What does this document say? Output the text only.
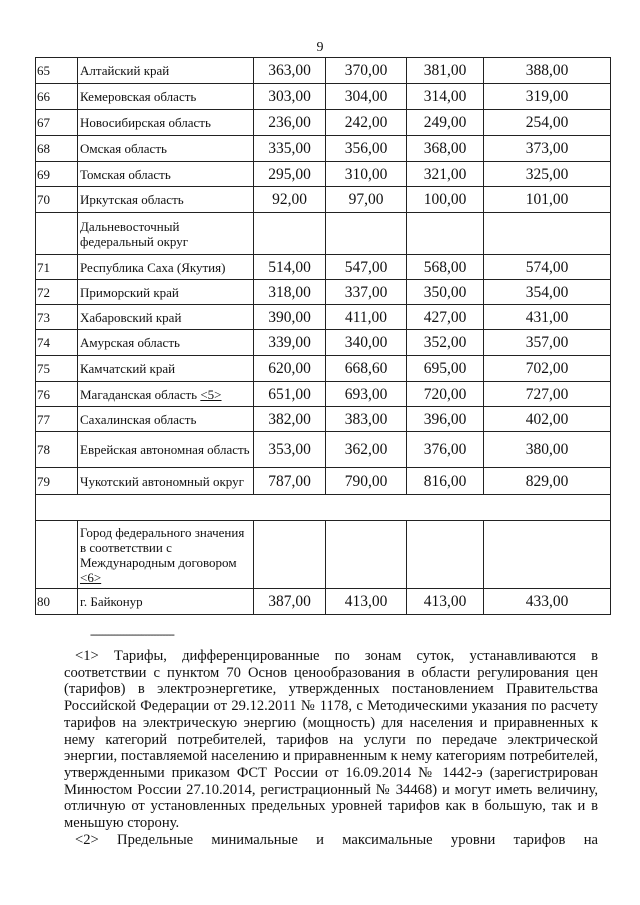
9
65	Алтайский край	363,00	370,00	381,00	388,00
66	Кемеровская область	303,00	304,00	314,00	319,00
67	Новосибирская область	236,00	242,00	249,00	254,00
68	Омская область	335,00	356,00	368,00	373,00
69	Томская область	295,00	310,00	321,00	325,00
70	Иркутская область	92,00	97,00	100,00	101,00
	Дальневосточный федеральный округ				
71	Республика Саха (Якутия)	514,00	547,00	568,00	574,00
72	Приморский край	318,00	337,00	350,00	354,00
73	Хабаровский край	390,00	411,00	427,00	431,00
74	Амурская область	339,00	340,00	352,00	357,00
75	Камчатский край	620,00	668,60	695,00	702,00
76	Магаданская область <5>	651,00	693,00	720,00	727,00
77	Сахалинская область	382,00	383,00	396,00	402,00
78	Еврейская автономная область	353,00	362,00	376,00	380,00
79	Чукотский автономный округ	787,00	790,00	816,00	829,00

	Город федерального значения в соответствии с Международным договором <6>				
80	г. Байконур	387,00	413,00	413,00	433,00
----------------------------

<1> Тарифы, дифференцированные по зонам суток, устанавливаются в соответствии с пунктом 70 Основ ценообразования в области регулирования цен (тарифов) в электроэнергетике, утвержденных постановлением Правительства Российской Федерации от 29.12.2011 № 1178, с Методическими указания по расчету тарифов на электрическую энергию (мощность) для населения и приравненных к нему категорий потребителей, тарифов на услуги по передаче электрической энергии, поставляемой населению и приравненным к нему категориям потребителей, утвержденными приказом ФСТ России от 16.09.2014 № 1442-э (зарегистрирован Минюстом России 27.10.2014, регистрационный № 34468) и могут иметь величину, отличную от установленных предельных уровней тарифов как в большую, так и в меньшую сторону.

<2> Предельные минимальные и максимальные уровни тарифов на
